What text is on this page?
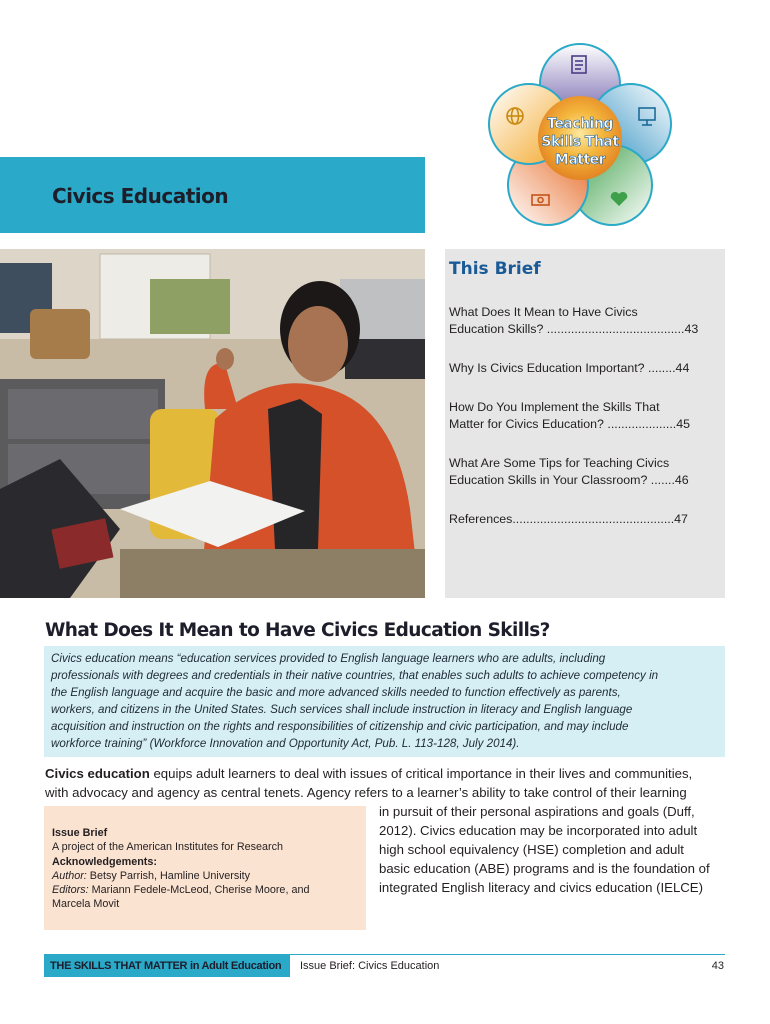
Teaching
Skills That
Matter
Civics Education
This Brief
What Does It Mean to Have Civics
Education Skills? ........................................43
Why Is Civics Education Important? ........44
How Do You Implement the Skills That
Matter for Civics Education? ....................45
What Are Some Tips for Teaching Civics
Education Skills in Your Classroom? .......46
References...............................................47
What Does It Mean to Have Civics Education Skills?
Civics education means “education services provided to English language learners who are adults, including
professionals with degrees and credentials in their native countries, that enables such adults to achieve competency in
the English language and acquire the basic and more advanced skills needed to function effectively as parents,
workers, and citizens in the United States. Such services shall include instruction in literacy and English language
acquisition and instruction on the rights and responsibilities of citizenship and civic participation, and may include
workforce training” (Workforce Innovation and Opportunity Act, Pub. L. 113-128, July 2014).
Civics education equips adult learners to deal with issues of critical importance in their lives and communities,
with advocacy and agency as central tenets. Agency refers to a learner’s ability to take control of their learning
in pursuit of their personal aspirations and goals (Duff,
2012). Civics education may be incorporated into adult
high school equivalency (HSE) completion and adult
basic education (ABE) programs and is the foundation of
integrated English literacy and civics education (IELCE)
Issue Brief
A project of the American Institutes for Research
Acknowledgements:
Author: Betsy Parrish, Hamline University
Editors: Mariann Fedele-McLeod, Cherise Moore, and
Marcela Movit
THE SKILLS THAT MATTER in Adult Education Issue Brief: Civics Education	43
